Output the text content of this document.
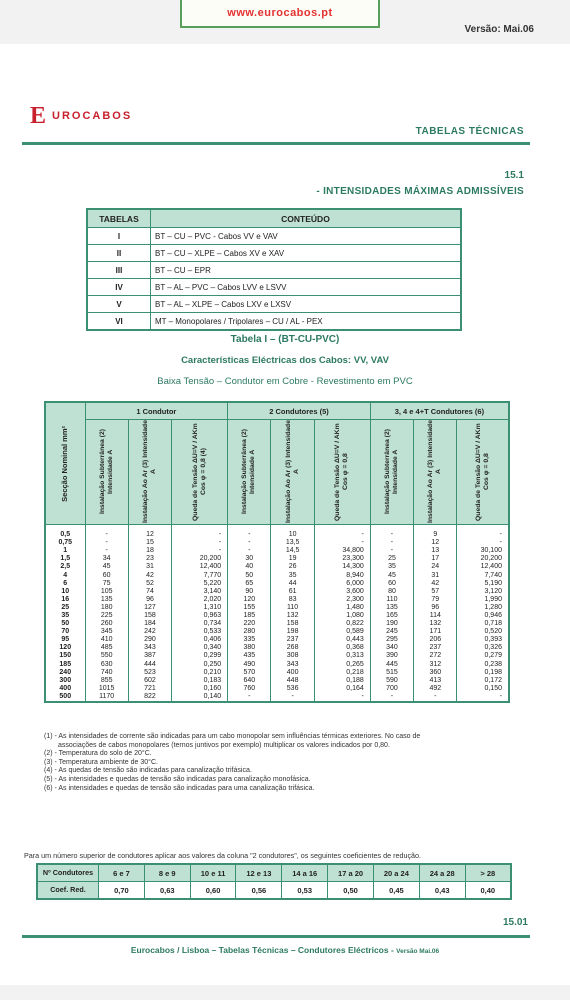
www.eurocabos.pt
Versão: Mai.06
E UROCABOS
TABELAS TÉCNICAS
15.1
- INTENSIDADES MÁXIMAS ADMISSÍVEIS
TABELAS	CONTEÚDO
I	BT – CU – PVC - Cabos VV e VAV
II	BT – CU – XLPE – Cabos XV e XAV
III	BT – CU – EPR
IV	BT – AL – PVC – Cabos LVV e LSVV
V	BT – AL – XLPE – Cabos LXV e LXSV
VI	MT – Monopolares / Tripolares – CU / AL - PEX
Tabela I – (BT-CU-PVC)
Características Eléctricas dos Cabos: VV, VAV
Baixa Tensão – Condutor em Cobre - Revestimento em PVC
Secção Nominal mm²	1 Condutor			2 Condutores (5)			3, 4 e 4+T Condutores (6)		

	Instalação Subterrânea (2) Intensidade A	Instalação Ao Ar (3) Intensidade A	Queda de Tensão ΔU=V / AKm Cos φ = 0,8 (4)	Instalação Subterrânea (2) Intensidade A	Instalação Ao Ar (3) Intensidade A	Queda de Tensão ΔU=V / AKm Cos φ = 0,8	Instalação Subterrânea (2) Intensidade A	Instalação Ao Ar (3) Intensidade A	Queda de Tensão ΔU=V / AKm Cos φ = 0,8

0,5	-	12	-	-	10	-	-	9	-
0,75	-	15	-	-	13,5	-	-	12	-
1	-	18	-	-	14,5	34,800	-	13	30,100
1,5	34	23	20,200	30	19	23,300	25	17	20,200
2,5	45	31	12,400	40	26	14,300	35	24	12,400
4	60	42	7,770	50	35	8,940	45	31	7,740
6	75	52	5,220	65	44	6,000	60	42	5,190
10	105	74	3,140	90	61	3,600	80	57	3,120
16	135	96	2,020	120	83	2,300	110	79	1,990
25	180	127	1,310	155	110	1,480	135	96	1,280
35	225	158	0,963	185	132	1,080	165	114	0,946
50	260	184	0,734	220	158	0,822	190	132	0,718
70	345	242	0,533	280	198	0,589	245	171	0,520
95	410	290	0,406	335	237	0,443	295	206	0,393
120	485	343	0,340	380	268	0,368	340	237	0,326
150	550	387	0,299	435	308	0,313	390	272	0,279
185	630	444	0,250	490	343	0,265	445	312	0,238
240	740	523	0,210	570	400	0,218	515	360	0,198
300	855	602	0,183	640	448	0,188	590	413	0,172
400	1015	721	0,160	760	536	0,164	700	492	0,150
500	1170	822	0,140	-	-	-	-	-	-
(1) - As intensidades de corrente são indicadas para um cabo monopolar sem influências térmicas exteriores. No caso de
associações de cabos monopolares (ternos juntivos por exemplo) multiplicar os valores indicados por 0,80.
(2) - Temperatura do solo de 20°C.
(3) - Temperatura ambiente de 30°C.
(4) - As quedas de tensão são indicadas para canalização trifásica.
(5) - As intensidades e quedas de tensão são indicadas para canalização monofásica.
(6) - As intensidades e quedas de tensão são indicadas para uma canalização trifásica.
Para um número superior de condutores aplicar aos valores da coluna "2 condutores", os seguintes coeficientes de redução.
Nº Condutores	6 e 7	8 e 9	10 e 11	12 e 13	14 a 16	17 a 20	20 a 24	24 a 28	> 28
Coef. Red.	0,70	0,63	0,60	0,56	0,53	0,50	0,45	0,43	0,40
15.01
Eurocabos / Lisboa – Tabelas Técnicas – Condutores Eléctricos - Versão Mai.06
